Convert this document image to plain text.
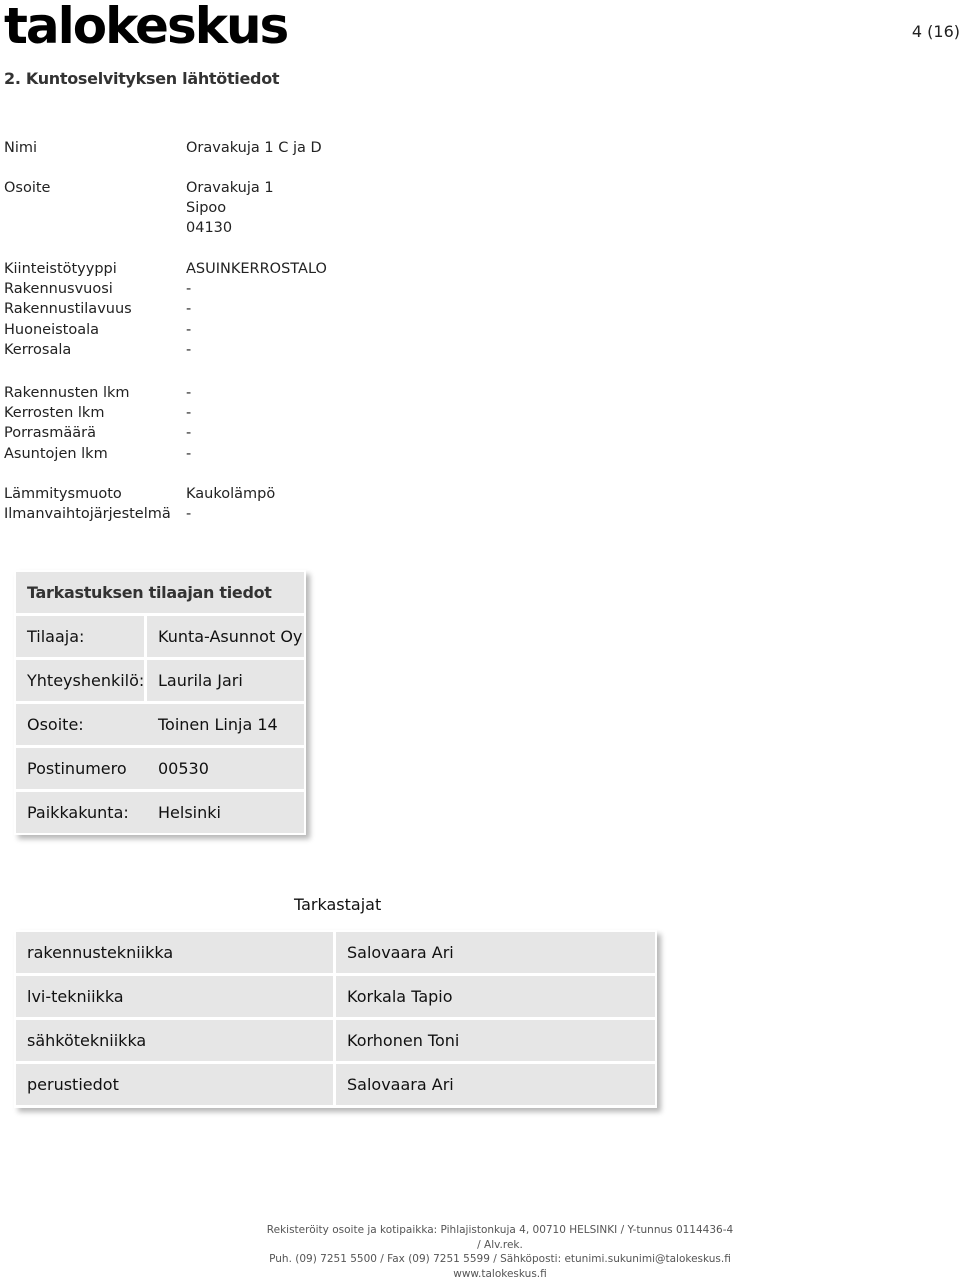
talokeskus	4 (16)
2. Kuntoselvityksen lähtötiedot
Nimi	Oravakuja 1 C ja D
Osoite	Oravakuja 1
Sipoo
04130
Kiinteistötyyppi	ASUINKERROSTALO
Rakennusvuosi	-
Rakennustilavuus	-
Huoneistoala	-
Kerrosala	-
Rakennusten lkm	-
Kerrosten lkm	-
Porrasmäärä	-
Asuntojen lkm	-
Lämmitysmuoto	Kaukolämpö
Ilmanvaihtojärjestelmä -
Tarkastuksen tilaajan tiedot
Tilaaja:	Kunta-Asunnot Oy
Yhteyshenkilö: Laurila Jari
Osoite:	Toinen Linja 14
Postinumero 00530
Paikkakunta: Helsinki
Tarkastajat
rakennustekniikka	Salovaara Ari
lvi-tekniikka	Korkala Tapio
sähkötekniikka	Korhonen Toni
perustiedot	Salovaara Ari
Rekisteröity osoite ja kotipaikka: Pihlajistonkuja 4, 00710 HELSINKI / Y-tunnus 0114436-4 / Alv.rek.
Puh. (09) 7251 5500 / Fax (09) 7251 5599 / Sähköposti: etunimi.sukunimi@talokeskus.fi
www.talokeskus.fi
